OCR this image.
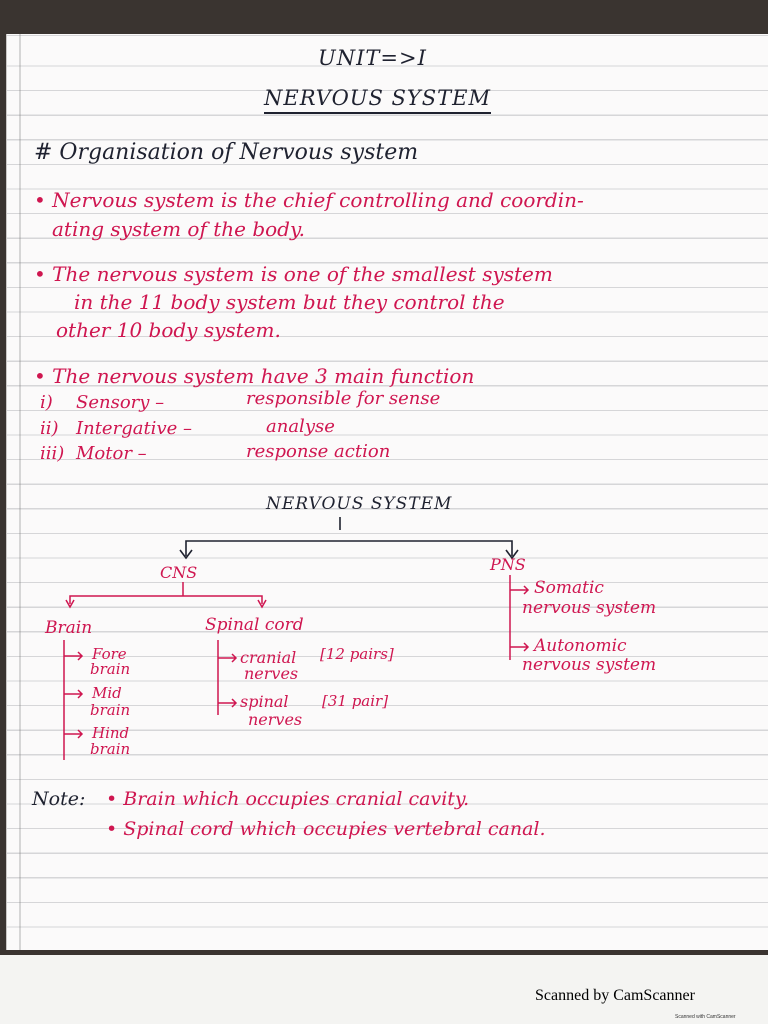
UNIT=>I
NERVOUS SYSTEM
# Organisation of Nervous system
• Nervous system is the chief controlling and coordin-
ating system of the body.
• The nervous system is one of the smallest system
in the 11 body system but they control the
other 10 body system.
• The nervous system have 3 main function
i) Sensory –	responsible for sense
ii) Intergative –	analyse
iii) Motor –	response action
NERVOUS SYSTEM
CNS	PNS
Brain	Spinal cord
Fore
brain
Mid
brain
Hind
brain
cranial [12 pairs]
nerves
spinal [31 pair]
nerves
Somatic
nervous system
Autonomic
nervous system
Note: • Brain which occupies cranial cavity.
• Spinal cord which occupies vertebral canal.
Scanned by CamScanner
Scanned with CamScanner
